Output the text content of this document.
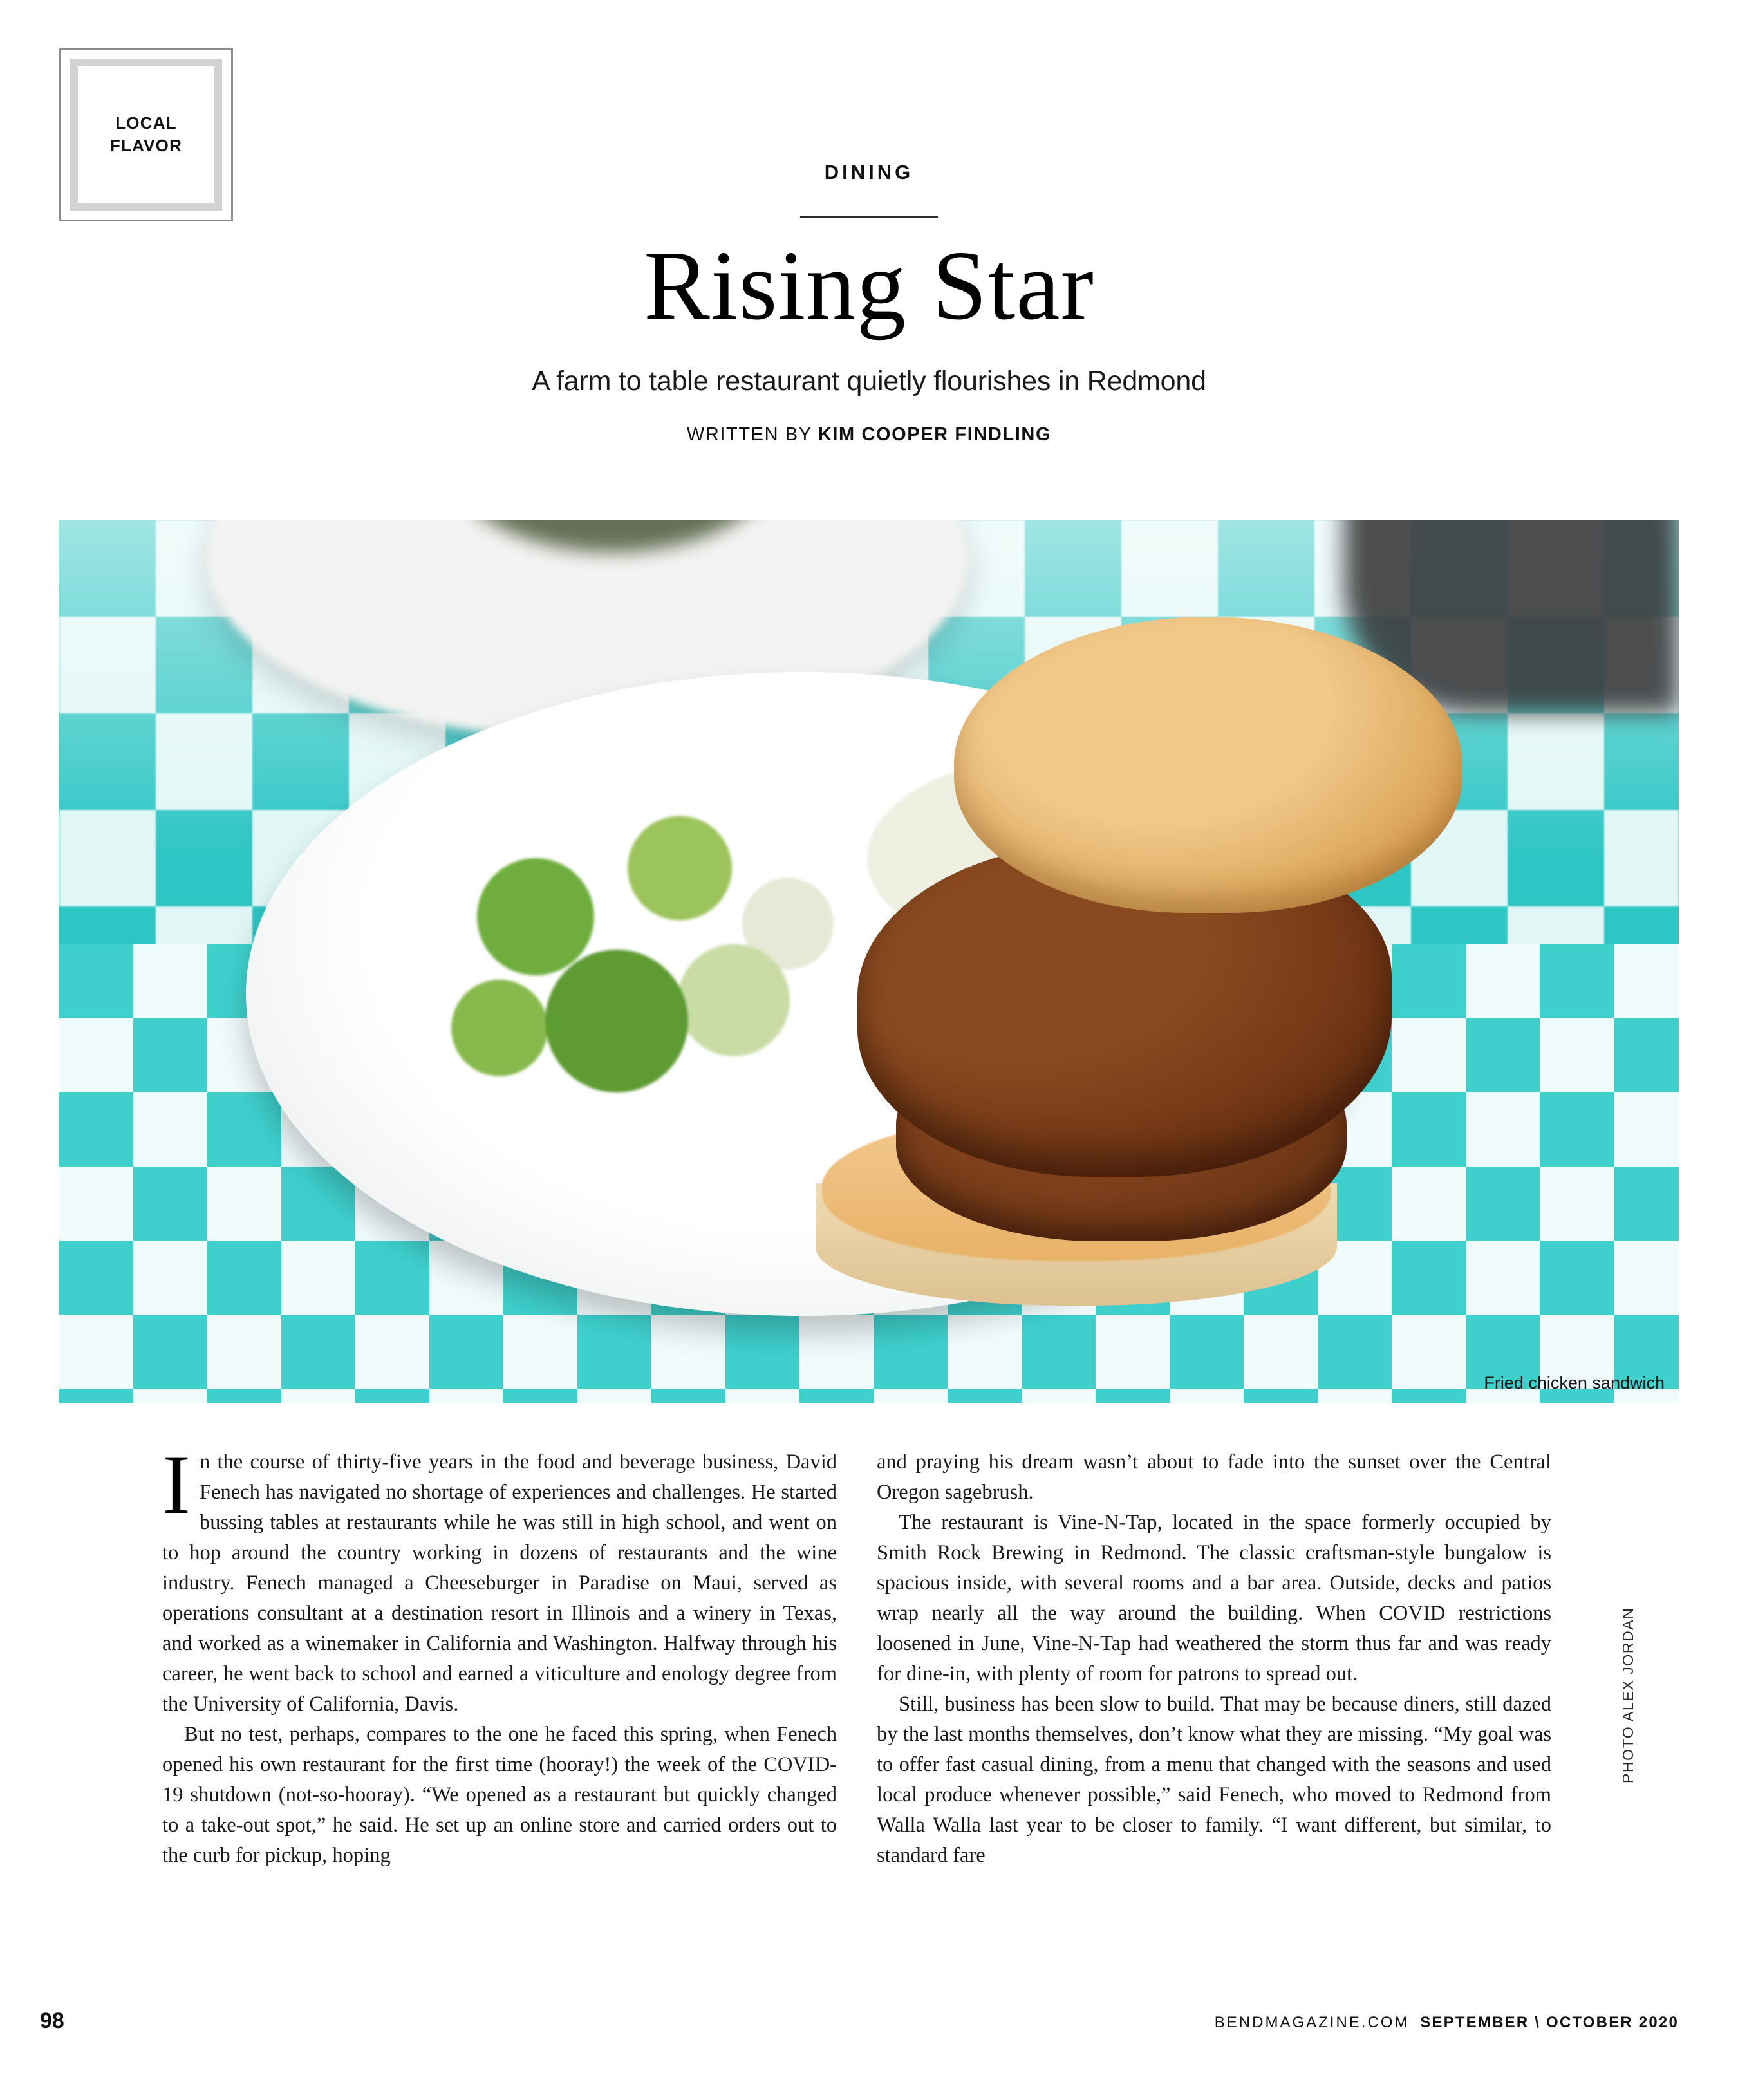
LOCAL
FLAVOR
DINING
Rising Star
A farm to table restaurant quietly flourishes in Redmond
WRITTEN BY KIM COOPER FINDLING
Fried chicken sandwich

In the course of thirty-five years in the food and beverage business, David Fenech has navigated no shortage of experiences and challenges. He started bussing tables at restaurants while he was still in high school, and went on to hop around the country working in dozens of restaurants and the wine industry. Fenech managed a Cheeseburger in Paradise on Maui, served as operations consultant at a destination resort in Illinois and a winery in Texas, and worked as a winemaker in California and Washington. Halfway through his career, he went back to school and earned a viticulture and enology degree from the University of California, Davis.

But no test, perhaps, compares to the one he faced this spring, when Fenech opened his own restaurant for the first time (hooray!) the week of the COVID-19 shutdown (not-so-hooray). “We opened as a restaurant but quickly changed to a take-out spot,” he said. He set up an online store and carried orders out to the curb for pickup, hoping

and praying his dream wasn’t about to fade into the sunset over the Central Oregon sagebrush.

The restaurant is Vine-N-Tap, located in the space formerly occupied by Smith Rock Brewing in Redmond. The classic craftsman-style bungalow is spacious inside, with several rooms and a bar area. Outside, decks and patios wrap nearly all the way around the building. When COVID restrictions loosened in June, Vine-N-Tap had weathered the storm thus far and was ready for dine-in, with plenty of room for patrons to spread out.

Still, business has been slow to build. That may be because diners, still dazed by the last months themselves, don’t know what they are missing. “My goal was to offer fast casual dining, from a menu that changed with the seasons and used local produce whenever possible,” said Fenech, who moved to Redmond from Walla Walla last year to be closer to family. “I want different, but similar, to standard fare

PHOTO ALEX JORDAN
98	BENDMAGAZINE.COM SEPTEMBER \ OCTOBER 2020
